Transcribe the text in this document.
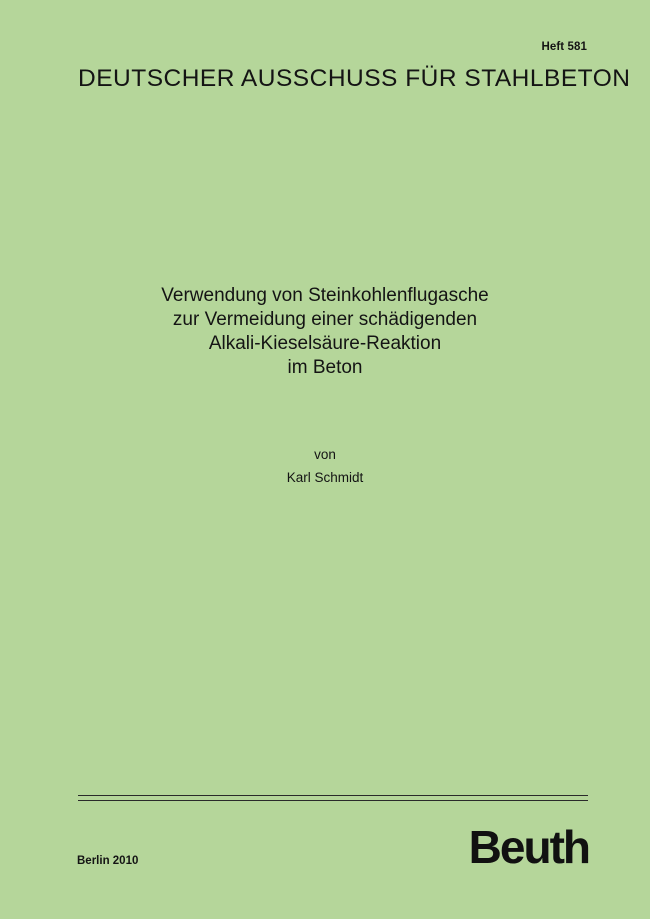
Heft 581
DEUTSCHER AUSSCHUSS FÜR STAHLBETON
Verwendung von Steinkohlenflugasche
zur Vermeidung einer schädigenden
Alkali-Kieselsäure-Reaktion
im Beton
von
Karl Schmidt
Berlin 2010	Beuth
